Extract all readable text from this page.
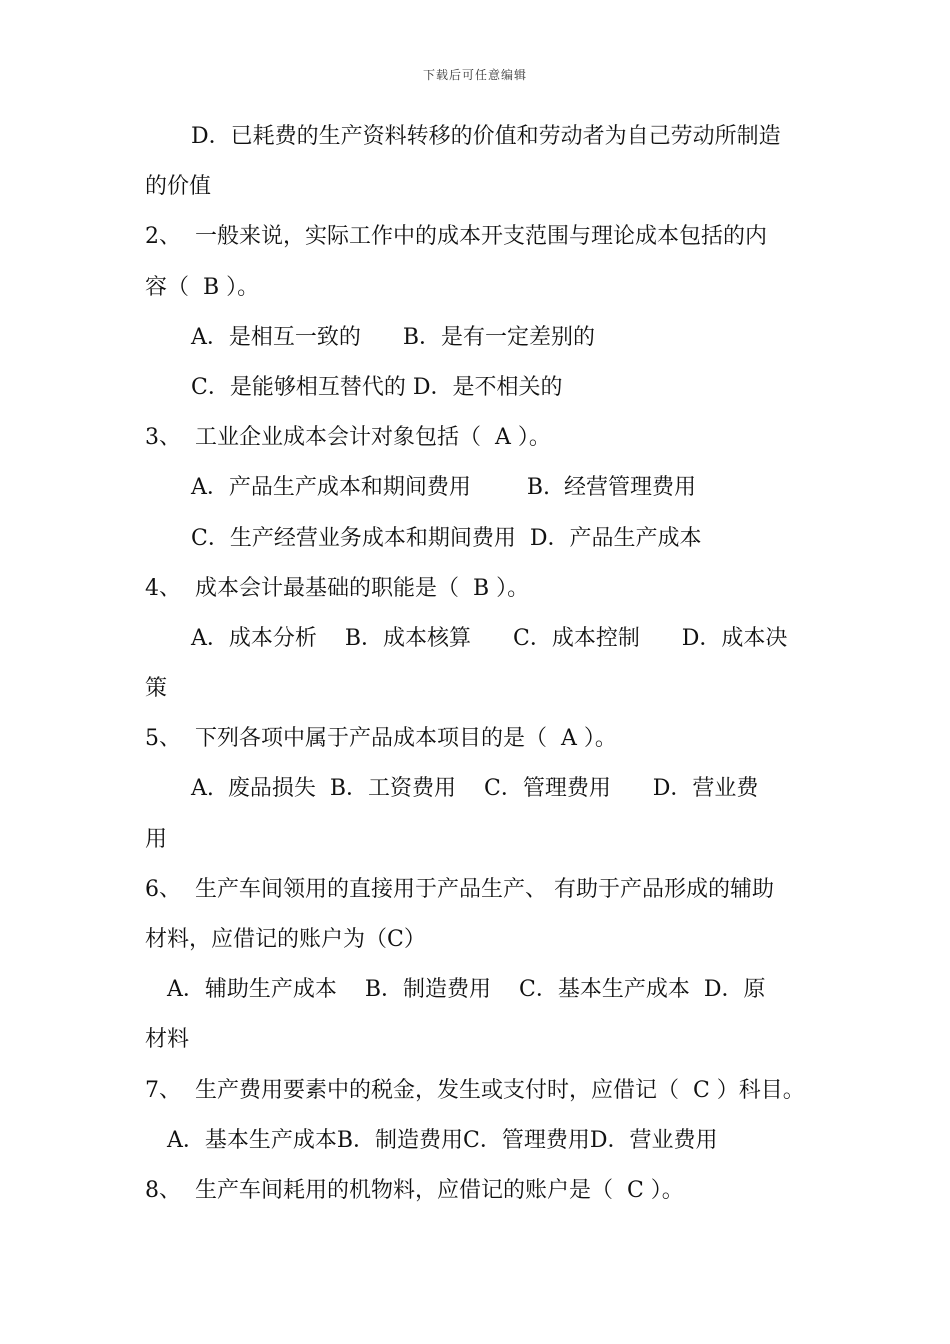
下载后可任意编辑
D．已耗费的生产资料转移的价值和劳动者为自己劳动所制造
的价值
2、  一般来说，实际工作中的成本开支范围与理论成本包括的内
容（  B ）。
A．是相互一致的      B．是有一定差别的
C．是能够相互替代的 D．是不相关的
3、  工业企业成本会计对象包括（  A ）。
A．产品生产成本和期间费用        B.  经营管理费用
C．生产经营业务成本和期间费用  D．产品生产成本
4、  成本会计最基础的职能是（  B ）。
A．成本分析    B．成本核算      C．成本控制      D．成本决
策
5、  下列各项中属于产品成本项目的是（  A ）。
A.  废品损失  B．工资费用    C．管理费用      D．营业费
用
6、  生产车间领用的直接用于产品生产、 有助于产品形成的辅助
材料，应借记的账户为（C）
A．辅助生产成本    B．制造费用    C．基本生产成本  D．原
材料
7、  生产费用要素中的税金，发生或支付时，应借记（  C ）科目。
A．基本生产成本B．制造费用C．管理费用D．营业费用
8、  生产车间耗用的机物料，应借记的账户是（  C ）。
